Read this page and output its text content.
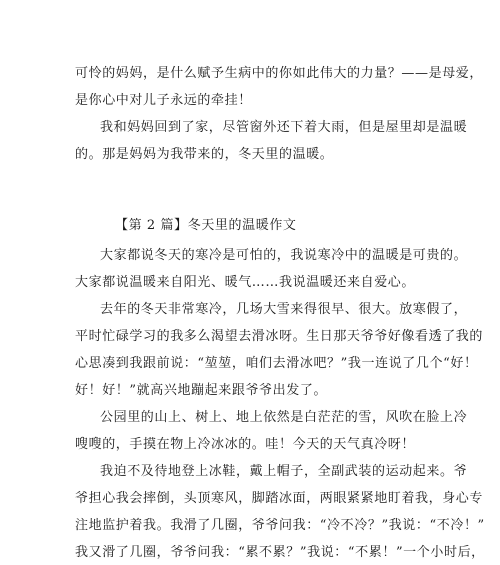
可怜的妈妈，是什么赋予生病中的你如此伟大的力量？——是母爱，
是你心中对儿子永远的牵挂！
我和妈妈回到了家，尽管窗外还下着大雨，但是屋里却是温暖
的。那是妈妈为我带来的，冬天里的温暖。
【第 2 篇】冬天里的温暖作文
大家都说冬天的寒冷是可怕的，我说寒冷中的温暖是可贵的。
大家都说温暖来自阳光、暖气……我说温暖还来自爱心。
去年的冬天非常寒冷，几场大雪来得很早、很大。放寒假了，
平时忙碌学习的我多么渴望去滑冰呀。生日那天爷爷好像看透了我的
心思凑到我跟前说：“堃堃，咱们去滑冰吧？”我一连说了几个“好！
好！好！”就高兴地蹦起来跟爷爷出发了。
公园里的山上、树上、地上依然是白茫茫的雪，风吹在脸上冷
嗖嗖的，手摸在物上冷冰冰的。哇！今天的天气真冷呀！
我迫不及待地登上冰鞋，戴上帽子，全副武装的运动起来。爷
爷担心我会摔倒，头顶寒风，脚踏冰面，两眼紧紧地盯着我，身心专
注地监护着我。我滑了几圈，爷爷问我：“冷不冷？”我说：“不冷！”
我又滑了几圈，爷爷问我：“累不累？”我说：“不累！”一个小时后，
